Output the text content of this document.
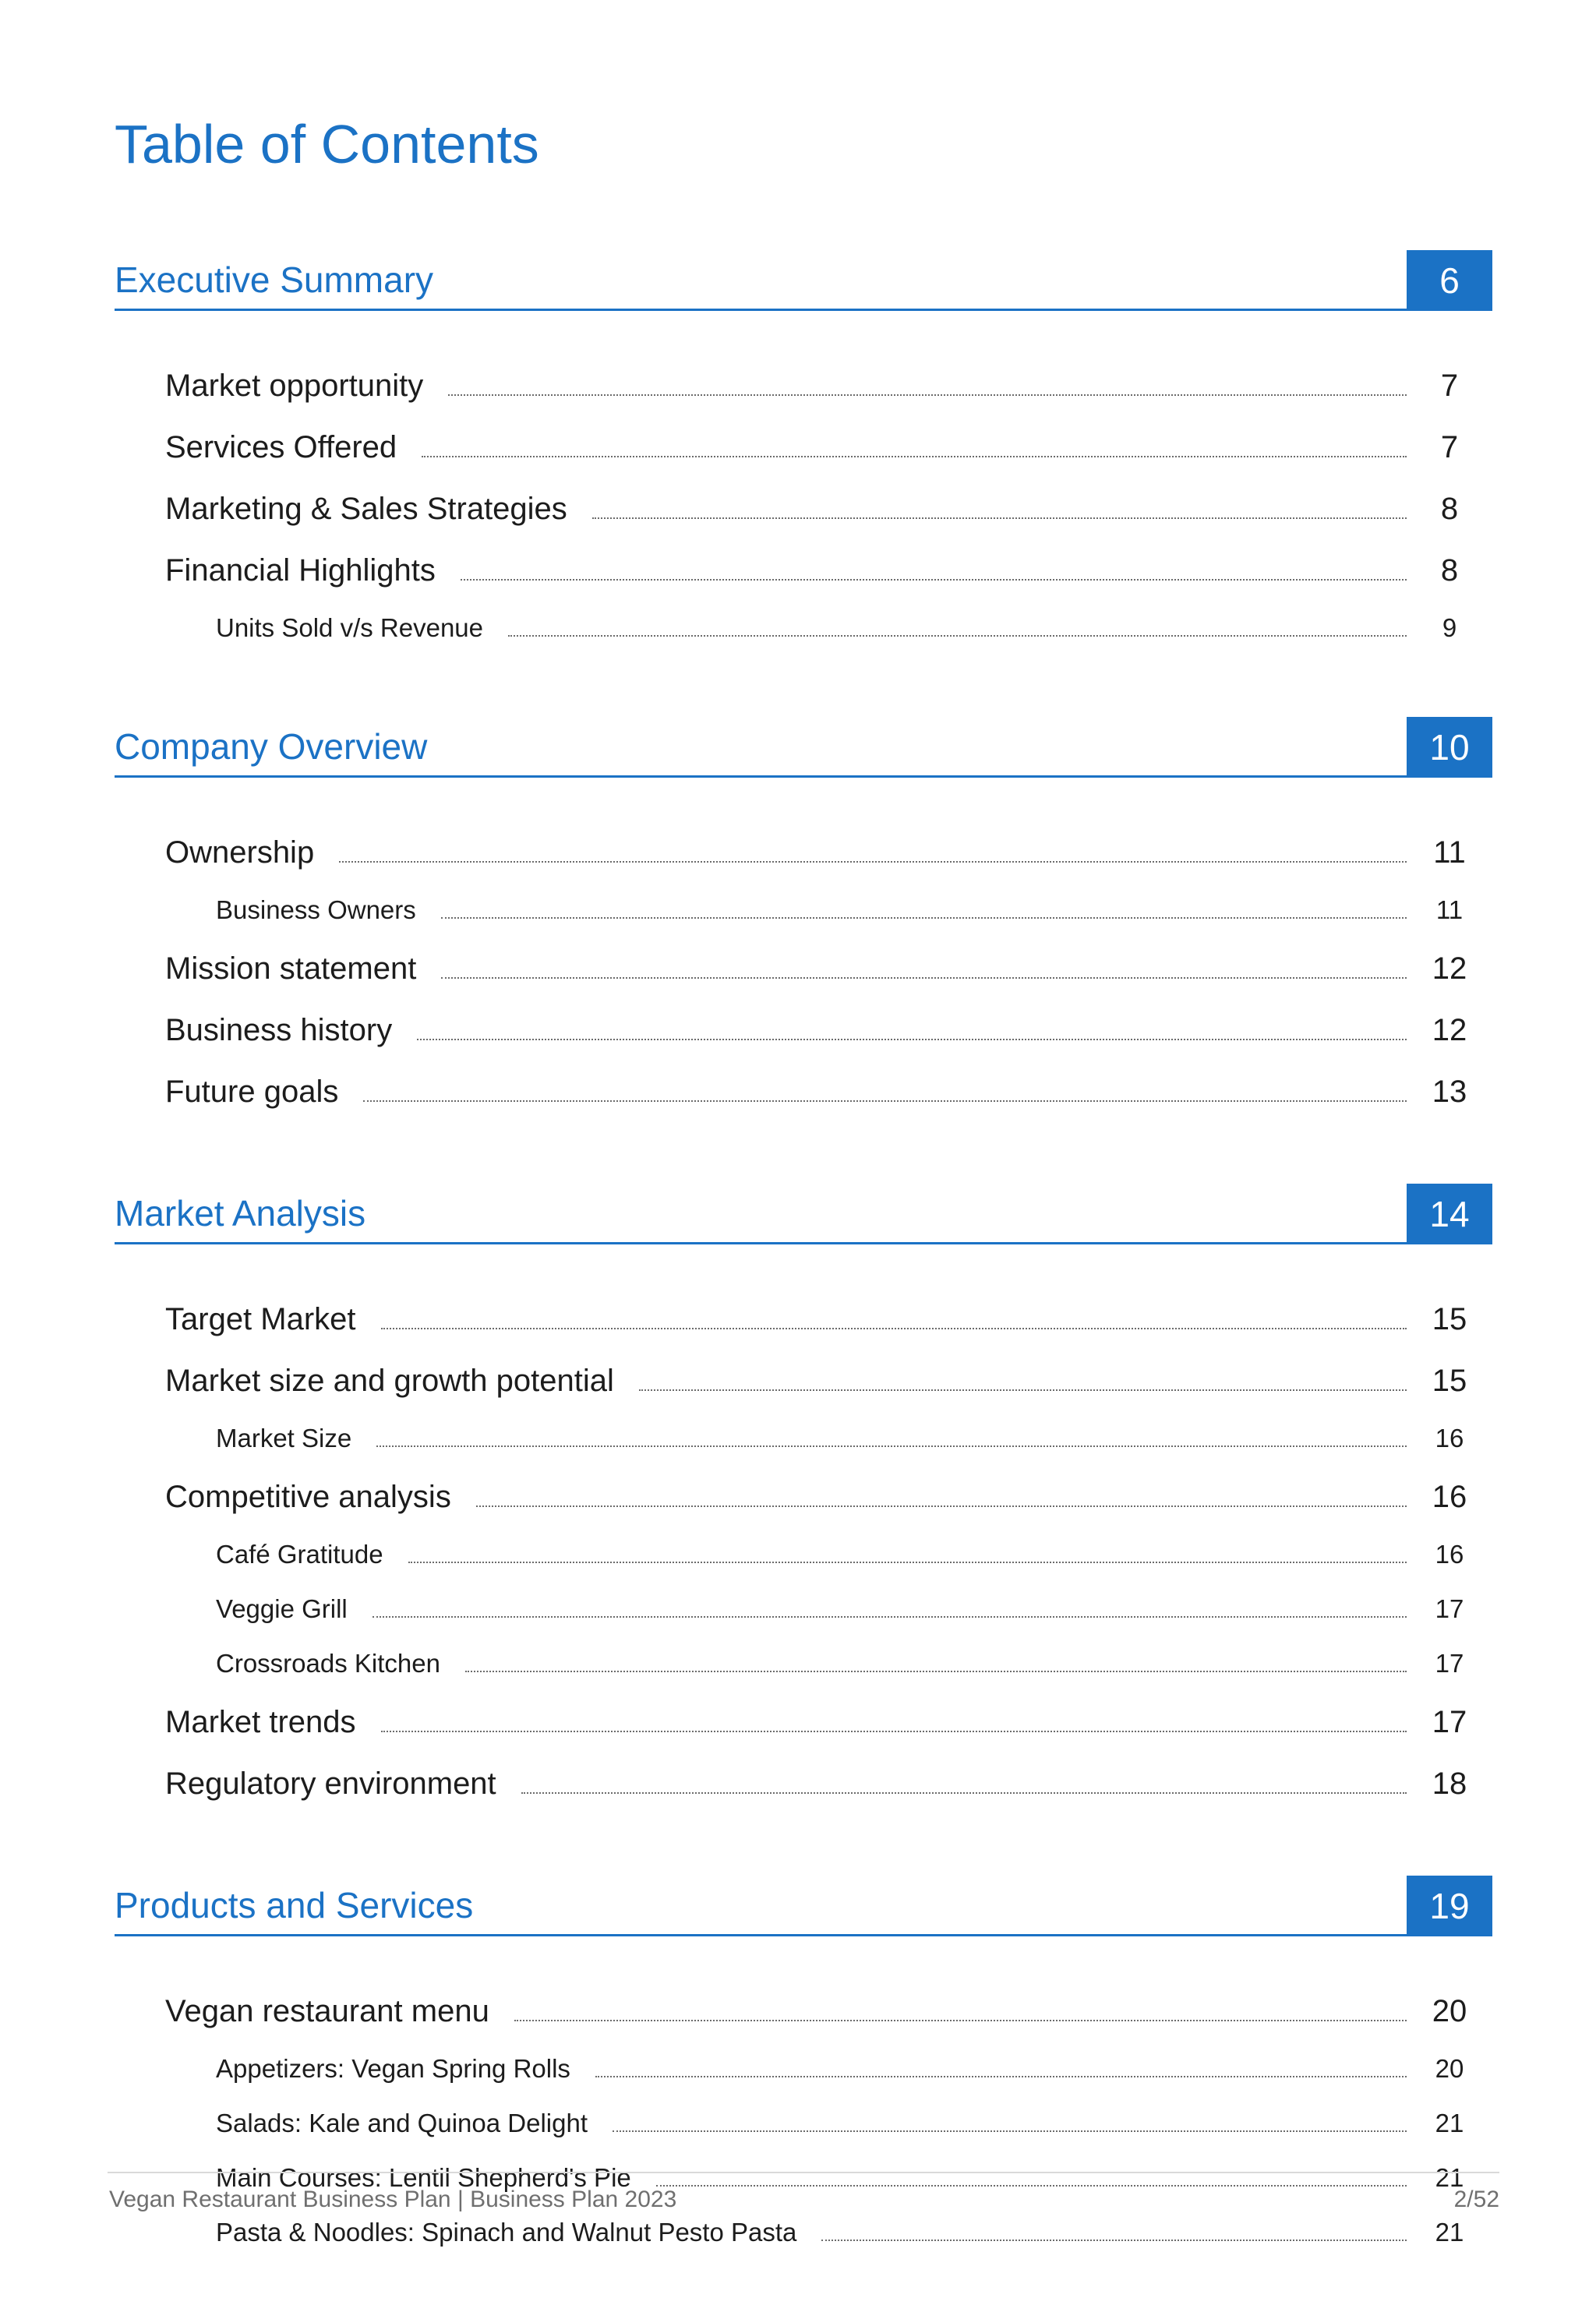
Table of Contents
Executive Summary	6
Market opportunity	7
Services Offered	7
Marketing & Sales Strategies	8
Financial Highlights	8
Units Sold v/s Revenue	9
Company Overview	10
Ownership	11
Business Owners	11
Mission statement	12
Business history	12
Future goals	13
Market Analysis	14
Target Market	15
Market size and growth potential	15
Market Size	16
Competitive analysis	16
Café Gratitude	16
Veggie Grill	17
Crossroads Kitchen	17
Market trends	17
Regulatory environment	18
Products and Services	19
Vegan restaurant menu	20
Appetizers: Vegan Spring Rolls	20
Salads: Kale and Quinoa Delight	21
Main Courses: Lentil Shepherd's Pie	21
Pasta & Noodles: Spinach and Walnut Pesto Pasta	21
Vegan Restaurant Business Plan | Business Plan 2023	2/52
